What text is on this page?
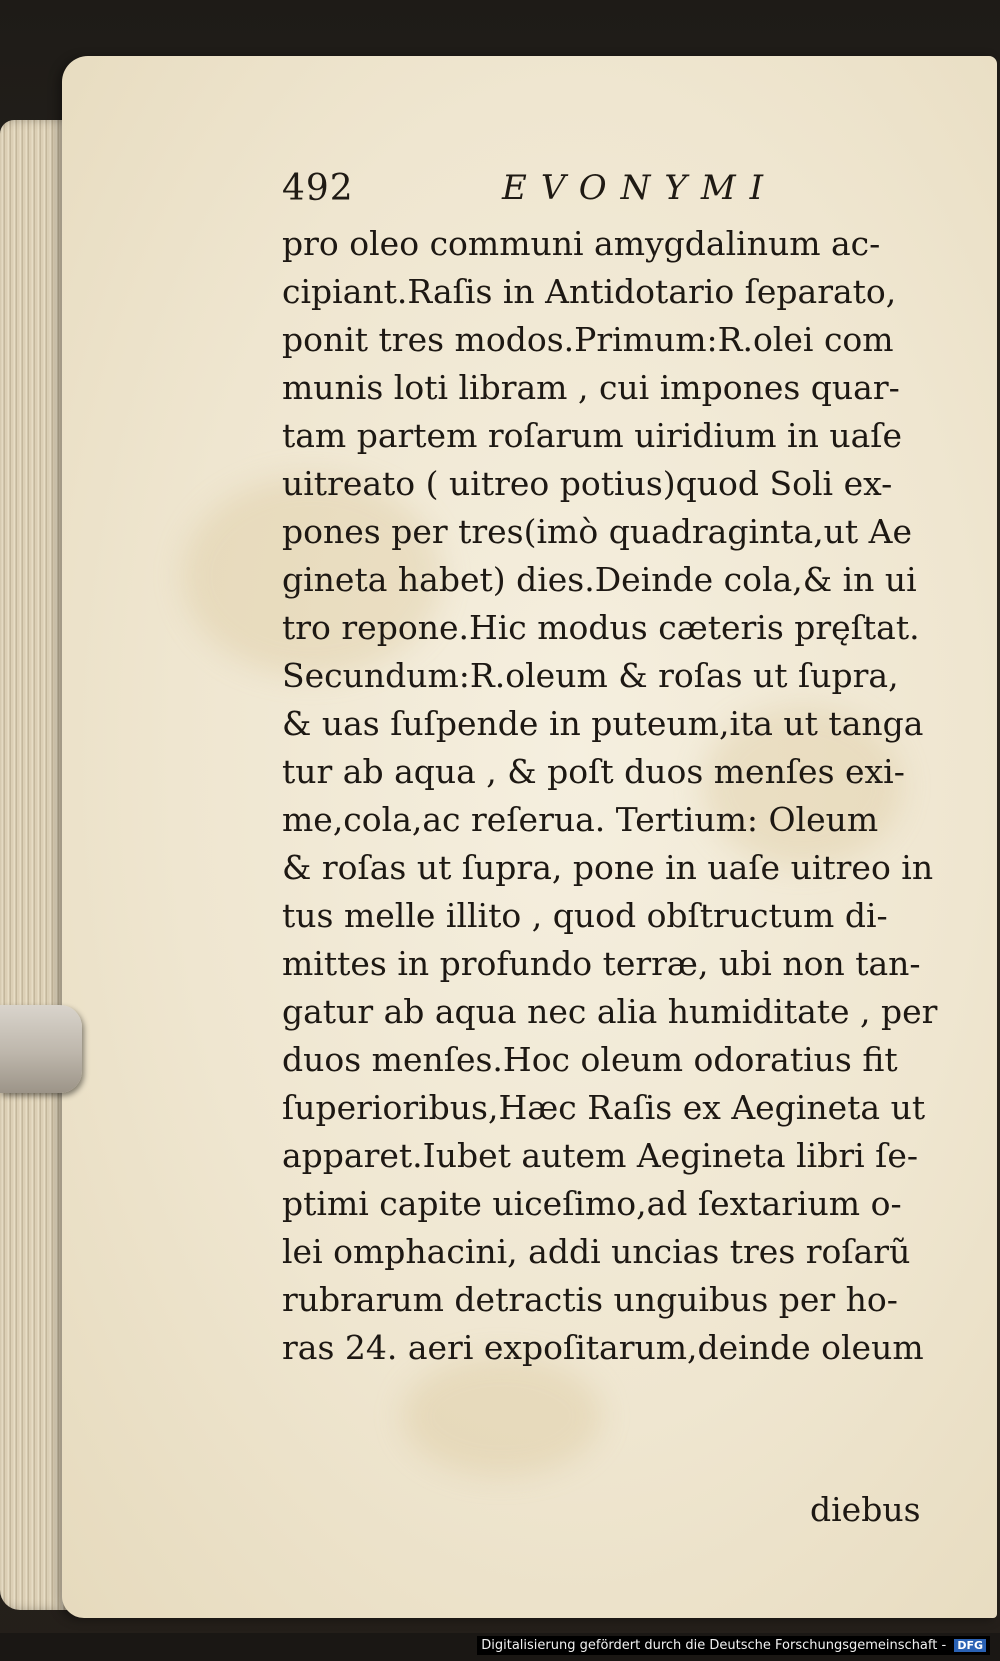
492	EVONYMI
pro oleo communi amygdalinum ac-
cipiant.Raſis in Antidotario ſeparato,
ponit tres modos.Primum:R.olei com
munis loti libram , cui impones quar-
tam partem roſarum uiridium in uaſe
uitreato ( uitreo potius)quod Soli ex-
pones per tres(imò quadraginta,ut Ae
gineta habet) dies.Deinde cola,& in ui
tro repone.Hic modus cæteris pręſtat.
Secundum:R.oleum & roſas ut ſupra,
& uas ſuſpende in puteum,ita ut tanga
tur ab aqua , & poſt duos menſes exi-
me,cola,ac reſerua. Tertium: Oleum
& roſas ut ſupra, pone in uaſe uitreo in
tus melle illito , quod obſtructum di-
mittes in profundo terræ, ubi non tan-
gatur ab aqua nec alia humiditate , per
duos menſes.Hoc oleum odoratius fit
ſuperioribus,Hæc Raſis ex Aegineta ut
apparet.Iubet autem Aegineta libri ſe-
ptimi capite uiceſimo,ad ſextarium o-
lei omphacini, addi uncias tres roſarũ
rubrarum detractis unguibus per ho-
ras 24. aeri expoſitarum,deinde oleum
diebus
Digitalisierung gefördert durch die Deutsche Forschungsgemeinschaft - DFG
